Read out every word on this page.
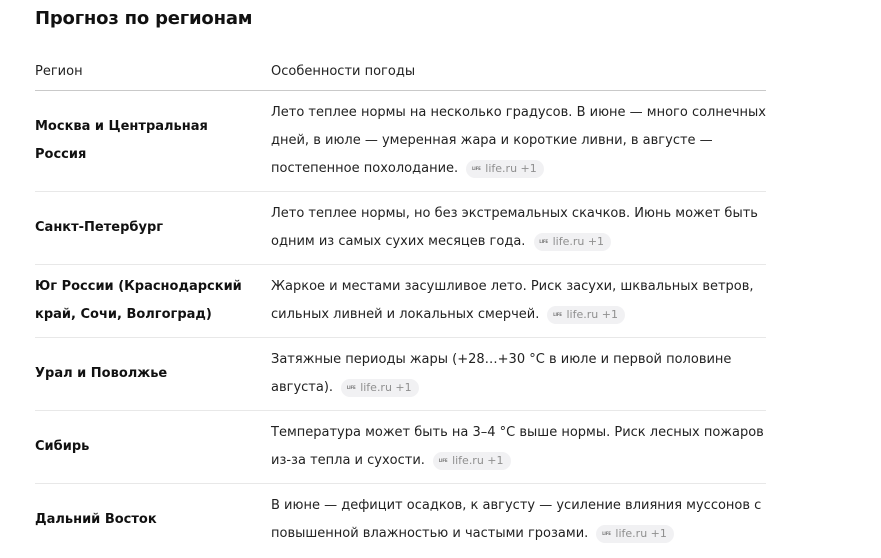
Прогноз по регионам
Регион	Особенности погоды
Москва и Центральная Россия	Лето теплее нормы на несколько градусов. В июне — много солнечных дней, в июле — умеренная жара и короткие ливни, в августе — постепенное похолодание. LIFE life.ru +1
Санкт-Петербург	Лето теплее нормы, но без экстремальных скачков. Июнь может быть одним из самых сухих месяцев года. LIFE life.ru +1
Юг России (Краснодарский край, Сочи, Волгоград)	Жаркое и местами засушливое лето. Риск засухи, шквальных ветров, сильных ливней и локальных смерчей. LIFE life.ru +1
Урал и Поволжье	Затяжные периоды жары (+28…+30 °C в июле и первой половине августа). LIFE life.ru +1
Сибирь	Температура может быть на 3–4 °C выше нормы. Риск лесных пожаров из-за тепла и сухости. LIFE life.ru +1
Дальний Восток	В июне — дефицит осадков, к августу — усиление влияния муссонов с повышенной влажностью и частыми грозами. LIFE life.ru +1
